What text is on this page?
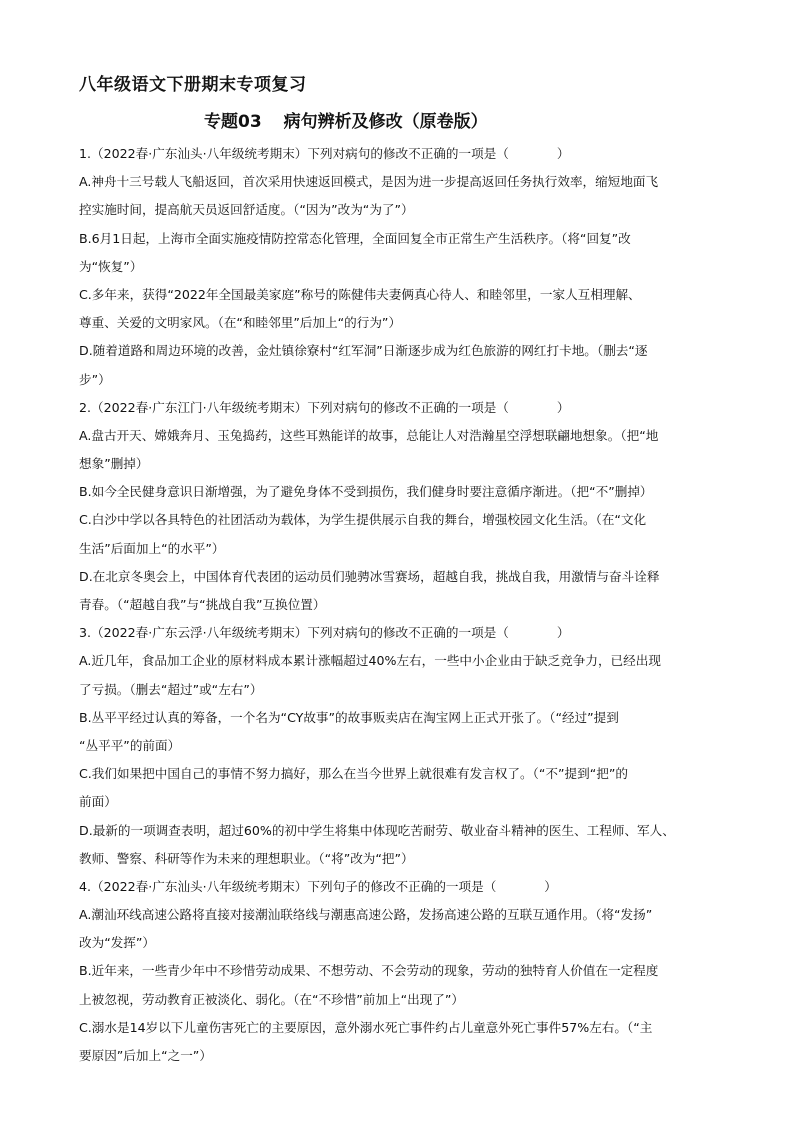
八年级语文下册期末专项复习
专题03 病句辨析及修改（原卷版）
1.（2022春·广东汕头·八年级统考期末）下列对病句的修改不正确的一项是（	）
A.神舟十三号载人飞船返回，首次采用快速返回模式，是因为进一步提高返回任务执行效率，缩短地面飞
控实施时间，提高航天员返回舒适度。（“因为”改为“为了”）
B.6月1日起，上海市全面实施疫情防控常态化管理，全面回复全市正常生产生活秩序。（将“回复”改
为“恢复”）
C.多年来，获得“2022年全国最美家庭”称号的陈健伟夫妻俩真心待人、和睦邻里，一家人互相理解、
尊重、关爱的文明家风。（在“和睦邻里”后加上“的行为”）
D.随着道路和周边环境的改善，金灶镇徐寮村“红军洞”日渐逐步成为红色旅游的网红打卡地。（删去“逐
步”）
2.（2022春·广东江门·八年级统考期末）下列对病句的修改不正确的一项是（	）
A.盘古开天、嫦娥奔月、玉兔捣药，这些耳熟能详的故事，总能让人对浩瀚星空浮想联翩地想象。（把“地
想象”删掉）
B.如今全民健身意识日渐增强，为了避免身体不受到损伤，我们健身时要注意循序渐进。（把“不”删掉）
C.白沙中学以各具特色的社团活动为载体，为学生提供展示自我的舞台，增强校园文化生活。（在“文化
生活”后面加上“的水平”）
D.在北京冬奥会上，中国体育代表团的运动员们驰骋冰雪赛场，超越自我，挑战自我，用激情与奋斗诠释
青春。（“超越自我”与“挑战自我”互换位置）
3.（2022春·广东云浮·八年级统考期末）下列对病句的修改不正确的一项是（	）
A.近几年，食品加工企业的原材料成本累计涨幅超过40%左右，一些中小企业由于缺乏竞争力，已经出现
了亏损。（删去“超过”或“左右”）
B.丛平平经过认真的筹备，一个名为“CY故事”的故事贩卖店在淘宝网上正式开张了。（“经过”提到
“丛平平”的前面）
C.我们如果把中国自己的事情不努力搞好，那么在当今世界上就很难有发言权了。（“不”提到“把”的
前面）
D.最新的一项调查表明，超过60%的初中学生将集中体现吃苦耐劳、敬业奋斗精神的医生、工程师、军人、
教师、警察、科研等作为未来的理想职业。（“将”改为“把”）
4.（2022春·广东汕头·八年级统考期末）下列句子的修改不正确的一项是（	）
A.潮汕环线高速公路将直接对接潮汕联络线与潮惠高速公路，发扬高速公路的互联互通作用。（将“发扬”
改为“发挥”）
B.近年来，一些青少年中不珍惜劳动成果、不想劳动、不会劳动的现象，劳动的独特育人价值在一定程度
上被忽视，劳动教育正被淡化、弱化。（在“不珍惜”前加上“出现了”）
C.溺水是14岁以下儿童伤害死亡的主要原因，意外溺水死亡事件约占儿童意外死亡事件57%左右。（“主
要原因”后加上“之一”）
